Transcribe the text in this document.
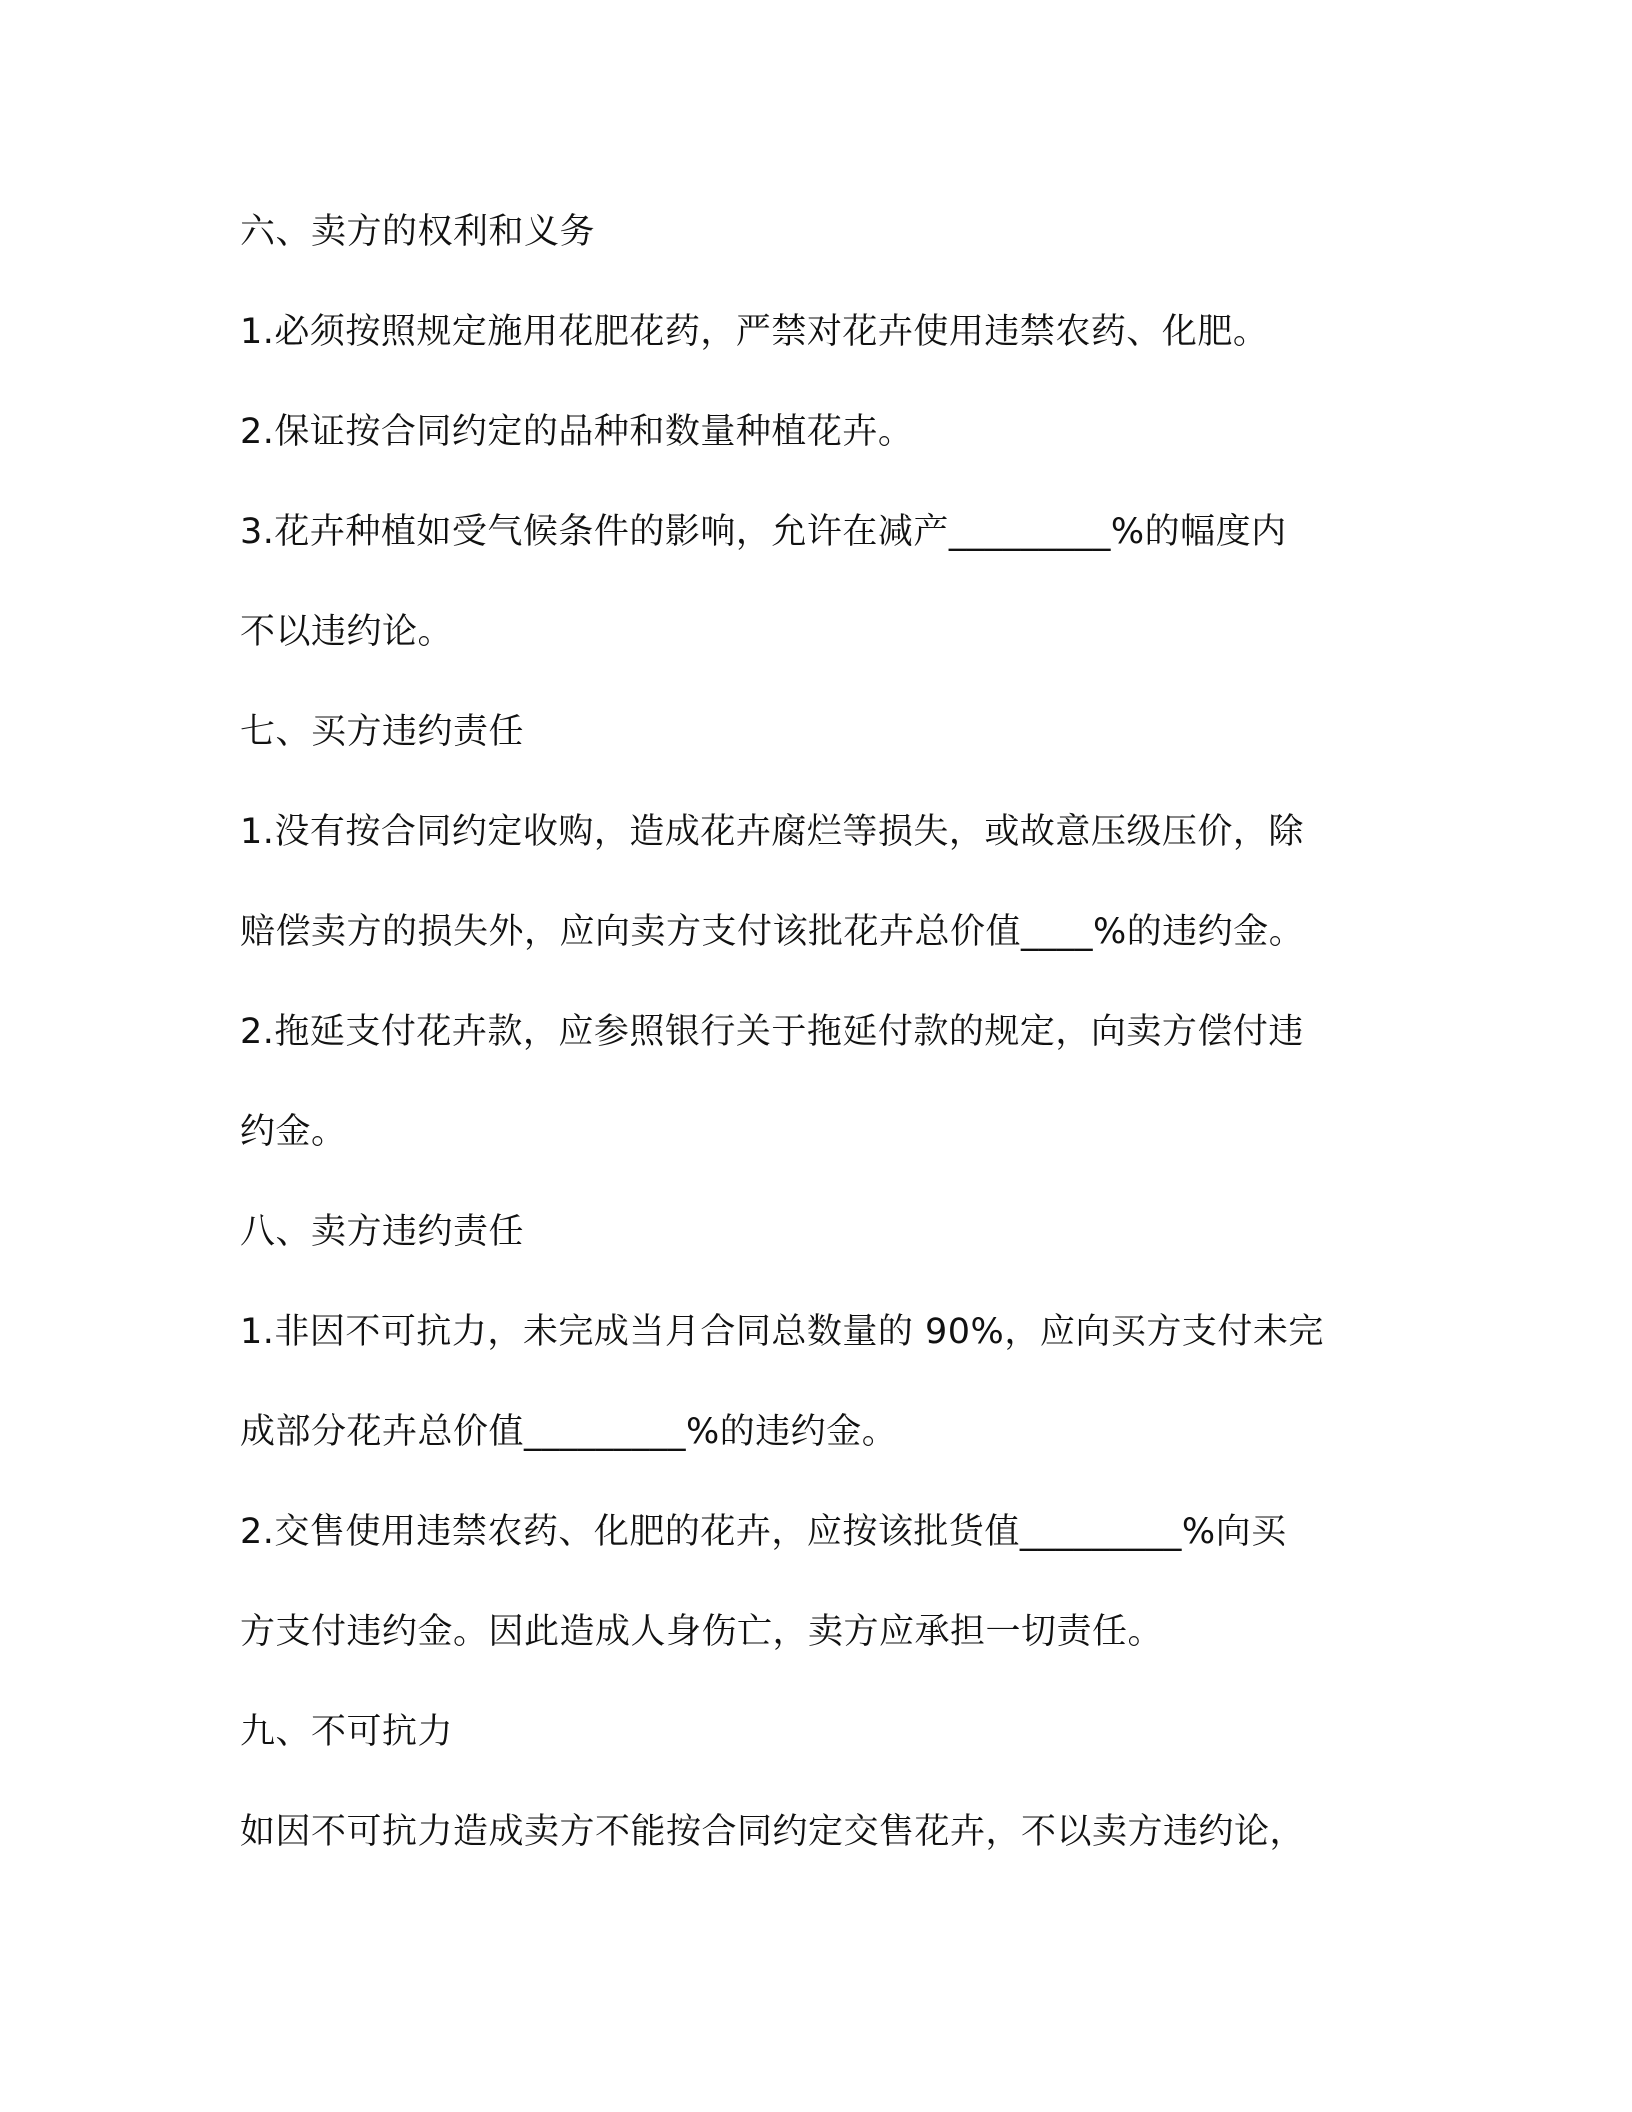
六、卖方的权利和义务

1.必须按照规定施用花肥花药，严禁对花卉使用违禁农药、化肥。

2.保证按合同约定的品种和数量种植花卉。

3.花卉种植如受气候条件的影响，允许在减产_________%的幅度内

不以违约论。

七、买方违约责任

1.没有按合同约定收购，造成花卉腐烂等损失，或故意压级压价，除

赔偿卖方的损失外，应向卖方支付该批花卉总价值____%的违约金。

2.拖延支付花卉款，应参照银行关于拖延付款的规定，向卖方偿付违

约金。

八、卖方违约责任

1.非因不可抗力，未完成当月合同总数量的 90%，应向买方支付未完

成部分花卉总价值_________%的违约金。

2.交售使用违禁农药、化肥的花卉，应按该批货值_________%向买

方支付违约金。因此造成人身伤亡，卖方应承担一切责任。

九、不可抗力

如因不可抗力造成卖方不能按合同约定交售花卉，不以卖方违约论，
